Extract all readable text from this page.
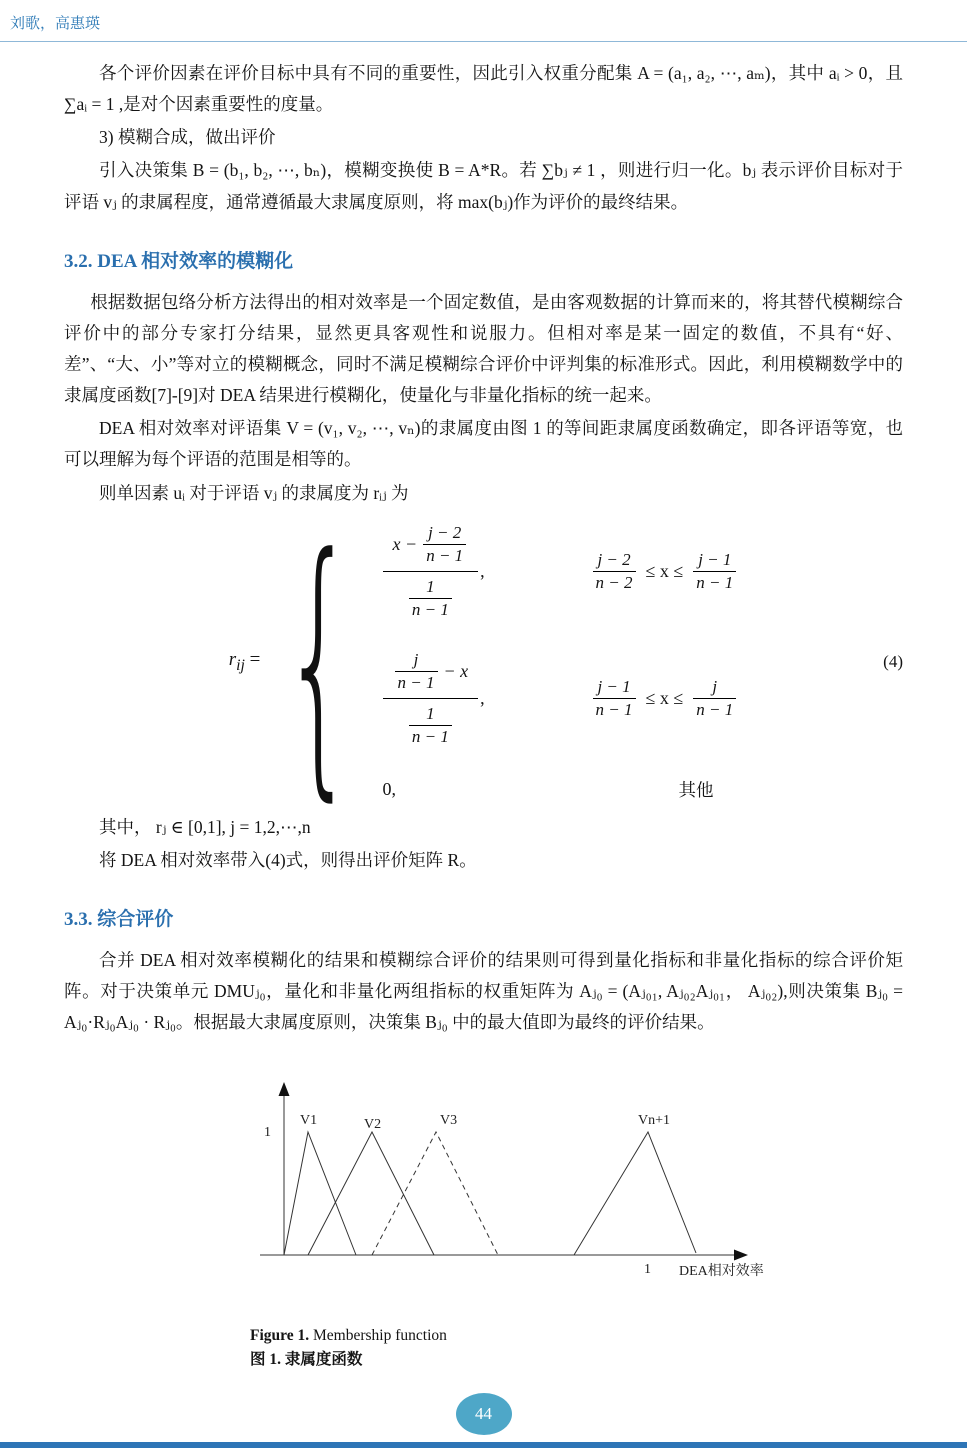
刘歌，高惠瑛

各个评价因素在评价目标中具有不同的重要性，因此引入权重分配集 A = (a₁, a₂, ⋯, aₘ)，其中 aᵢ > 0，且 ∑aᵢ = 1 ,是对个因素重要性的度量。

3) 模糊合成，做出评价

引入决策集 B = (b₁, b₂, ⋯, bₙ)，模糊变换使 B = A*R。若 ∑bⱼ ≠ 1 ，则进行归一化。bⱼ 表示评价目标对于评语 vⱼ 的隶属程度，通常遵循最大隶属度原则，将 max(bⱼ)作为评价的最终结果。

3.2. DEA 相对效率的模糊化

根据数据包络分析方法得出的相对效率是一个固定数值，是由客观数据的计算而来的，将其替代模糊综合评价中的部分专家打分结果，显然更具客观性和说服力。但相对率是某一固定的数值，不具有“好、差”、“大、小”等对立的模糊概念，同时不满足模糊综合评价中评判集的标准形式。因此，利用模糊数学中的隶属度函数[7]-[9]对 DEA 结果进行模糊化，使量化与非量化指标的统一起来。

DEA 相对效率对评语集 V = (v₁, v₂, ⋯, vₙ)的隶属度由图 1 的等间距隶属度函数确定，即各评语等宽，也可以理解为每个评语的范围是相等的。

则单因素 uᵢ 对于评语 vⱼ 的隶属度为 rᵢⱼ 为

$r_{ij}$ = { $x - \frac{j - 2}{n - 1}$
$\frac{1}{n - 1}$
,	$\frac{j - 2}{n - 2} \le x \le \frac{j - 1}{n - 1}$
$\frac{j}{n - 1} - x$
$\frac{1}{n - 1}$
,	$\frac{j - 1}{n - 1} \le x \le \frac{j}{n - 1}$
0,	其他
(4)

其中， rⱼ ∈ [0,1], j = 1,2,⋯,n

将 DEA 相对效率带入(4)式，则得出评价矩阵 R。

3.3. 综合评价

合并 DEA 相对效率模糊化的结果和模糊综合评价的结果则可得到量化指标和非量化指标的综合评价矩阵。对于决策单元 DMUⱼ₀，量化和非量化两组指标的权重矩阵为 Aⱼ₀ = (Aⱼ₀₁, Aⱼ₀₂Aⱼ₀₁， Aⱼ₀₂),则决策集 Bⱼ₀ = Aⱼ₀·Rⱼ₀Aⱼ₀ · Rⱼ₀。根据最大隶属度原则，决策集 Bⱼ₀ 中的最大值即为最终的评价结果。

1
V1	V2	V3	Vn+1
1 DEA相对效率
Figure 1. Membership function
图 1. 隶属度函数
44
